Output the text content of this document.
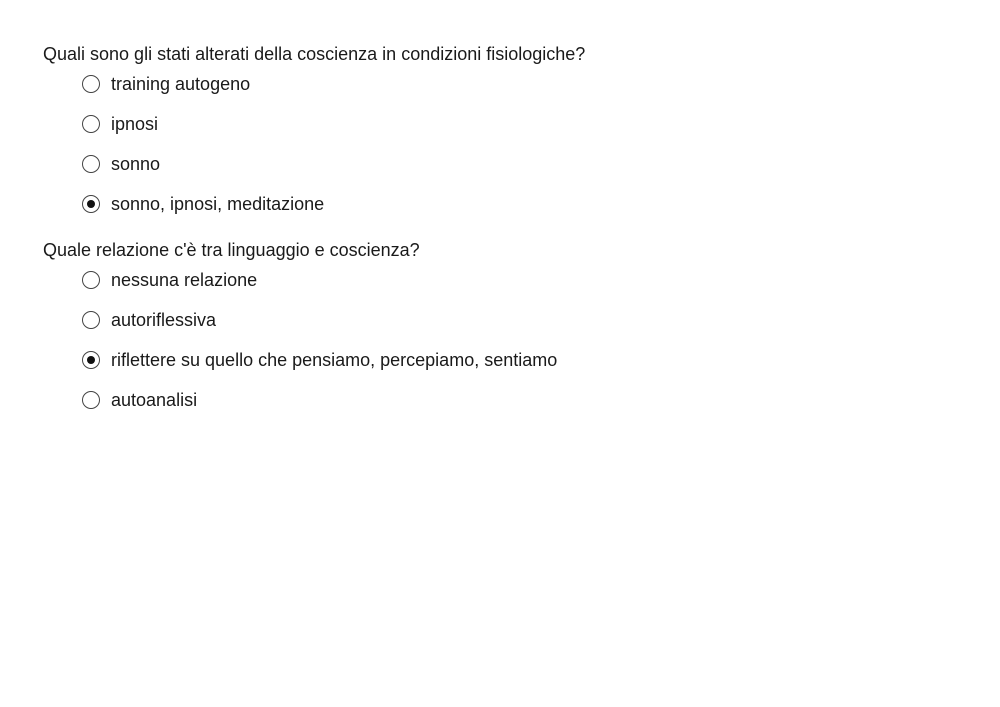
Quali sono gli stati alterati della coscienza in condizioni fisiologiche?

training autogeno
ipnosi
sonno
sonno, ipnosi, meditazione

Quale relazione c'è tra linguaggio e coscienza?

nessuna relazione
autoriflessiva
riflettere su quello che pensiamo, percepiamo, sentiamo
autoanalisi
